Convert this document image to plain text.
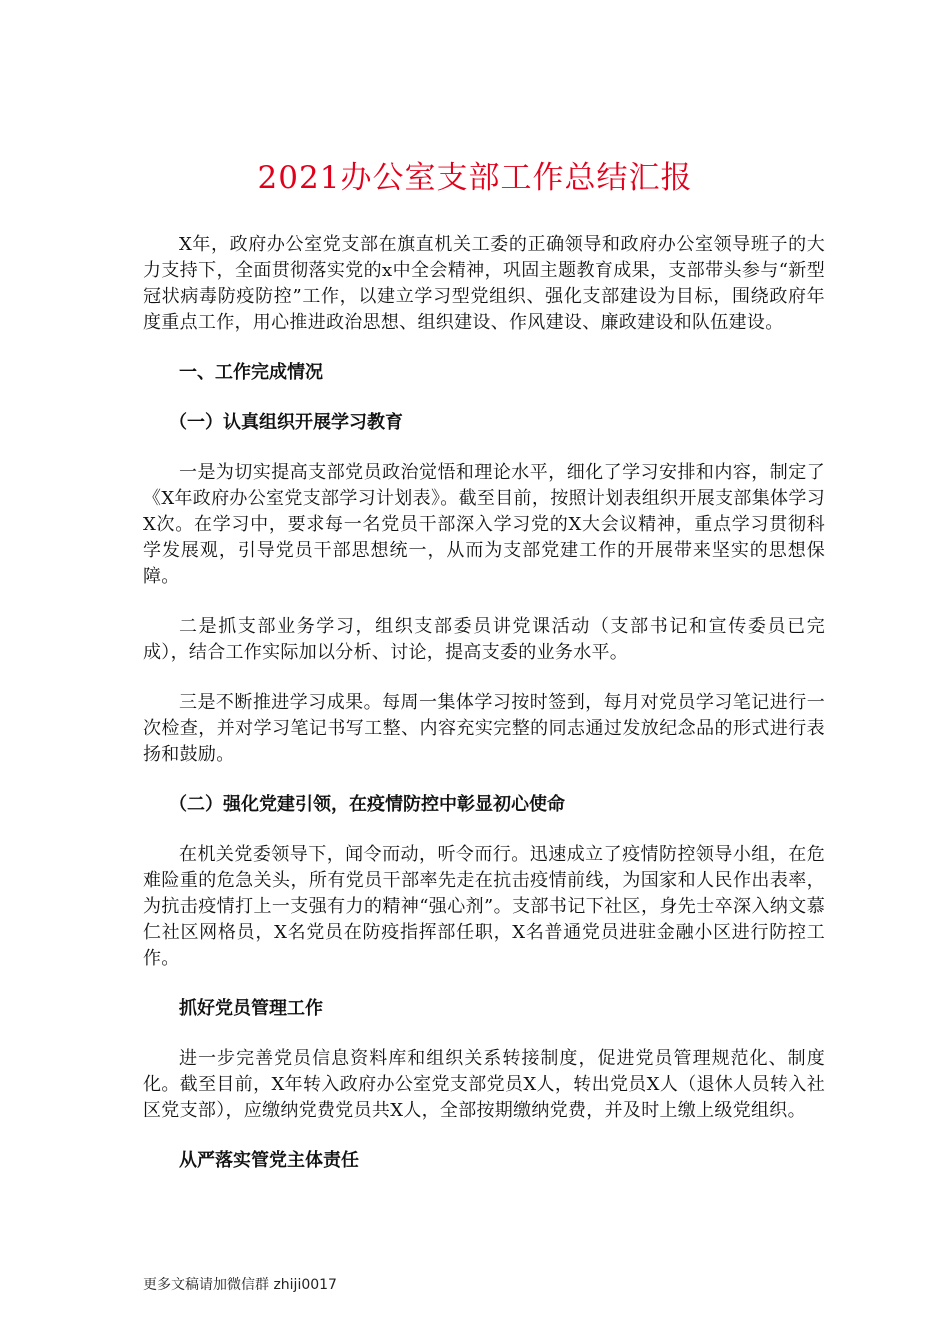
2021办公室支部工作总结汇报

X年，政府办公室党支部在旗直机关工委的正确领导和政府办公室领导班子的大力支持下，全面贯彻落实党的x中全会精神，巩固主题教育成果，支部带头参与“新型冠状病毒防疫防控”工作，以建立学习型党组织、强化支部建设为目标，围绕政府年度重点工作，用心推进政治思想、组织建设、作风建设、廉政建设和队伍建设。

一、工作完成情况

（一）认真组织开展学习教育

一是为切实提高支部党员政治觉悟和理论水平，细化了学习安排和内容，制定了《X年政府办公室党支部学习计划表》。截至目前，按照计划表组织开展支部集体学习X次。在学习中，要求每一名党员干部深入学习党的X大会议精神，重点学习贯彻科学发展观，引导党员干部思想统一，从而为支部党建工作的开展带来坚实的思想保障。

二是抓支部业务学习，组织支部委员讲党课活动（支部书记和宣传委员已完成），结合工作实际加以分析、讨论，提高支委的业务水平。

三是不断推进学习成果。每周一集体学习按时签到，每月对党员学习笔记进行一次检查，并对学习笔记书写工整、内容充实完整的同志通过发放纪念品的形式进行表扬和鼓励。

（二）强化党建引领，在疫情防控中彰显初心使命

在机关党委领导下，闻令而动，听令而行。迅速成立了疫情防控领导小组，在危难险重的危急关头，所有党员干部率先走在抗击疫情前线，为国家和人民作出表率，为抗击疫情打上一支强有力的精神“强心剂”。支部书记下社区，身先士卒深入纳文慕仁社区网格员，X名党员在防疫指挥部任职，X名普通党员进驻金融小区进行防控工作。

抓好党员管理工作

进一步完善党员信息资料库和组织关系转接制度，促进党员管理规范化、制度化。截至目前，X年转入政府办公室党支部党员X人，转出党员X人（退休人员转入社区党支部），应缴纳党费党员共X人，全部按期缴纳党费，并及时上缴上级党组织。

从严落实管党主体责任

更多文稿请加微信群 zhiji0017
